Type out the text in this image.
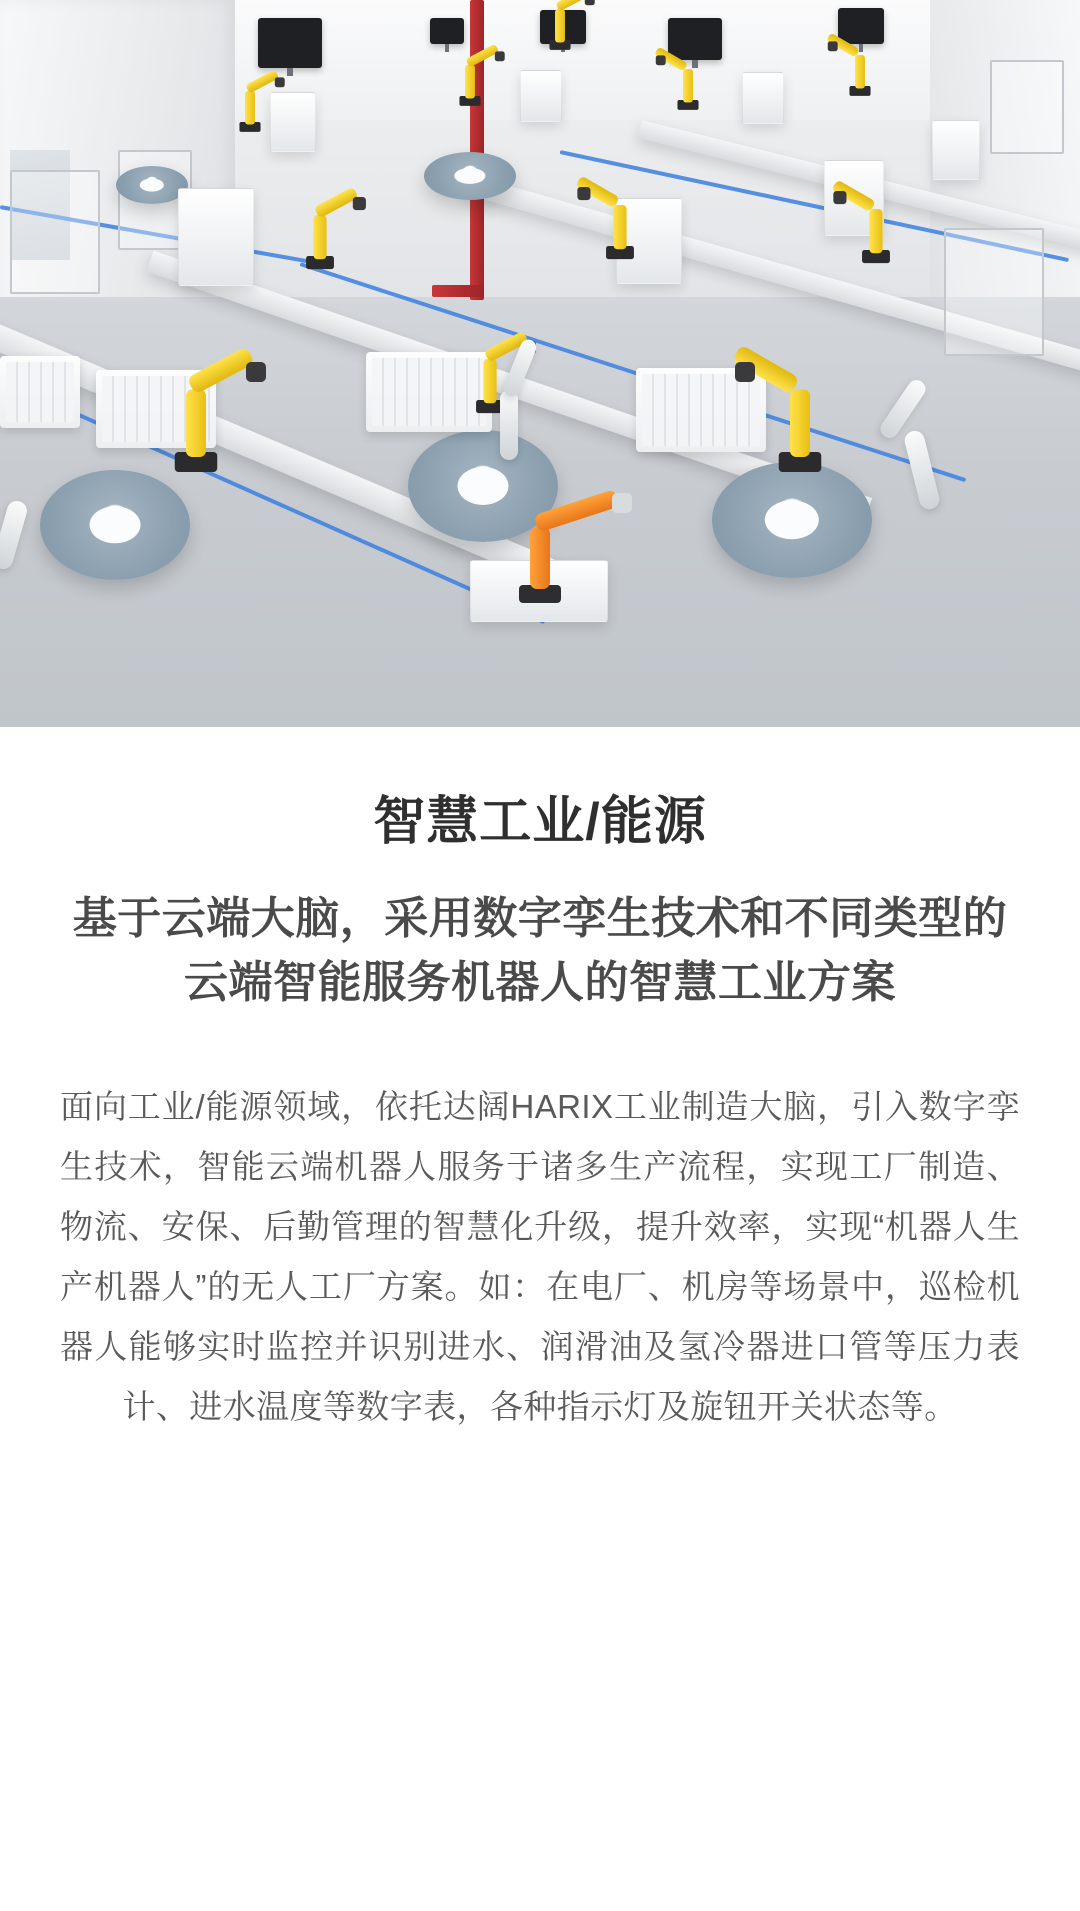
智慧工业/能源
基于云端大脑，采用数字孪生技术和不同类型的云端智能服务机器人的智慧工业方案

面向工业/能源领域，依托达阔HARIX工业制造大脑，引入数字孪生技术，智能云端机器人服务于诸多生产流程，实现工厂制造、物流、安保、后勤管理的智慧化升级，提升效率，实现“机器人生产机器人”的无人工厂方案。如：在电厂、机房等场景中，巡检机器人能够实时监控并识别进水、润滑油及氢冷器进口管等压力表计、进水温度等数字表，各种指示灯及旋钮开关状态等。
